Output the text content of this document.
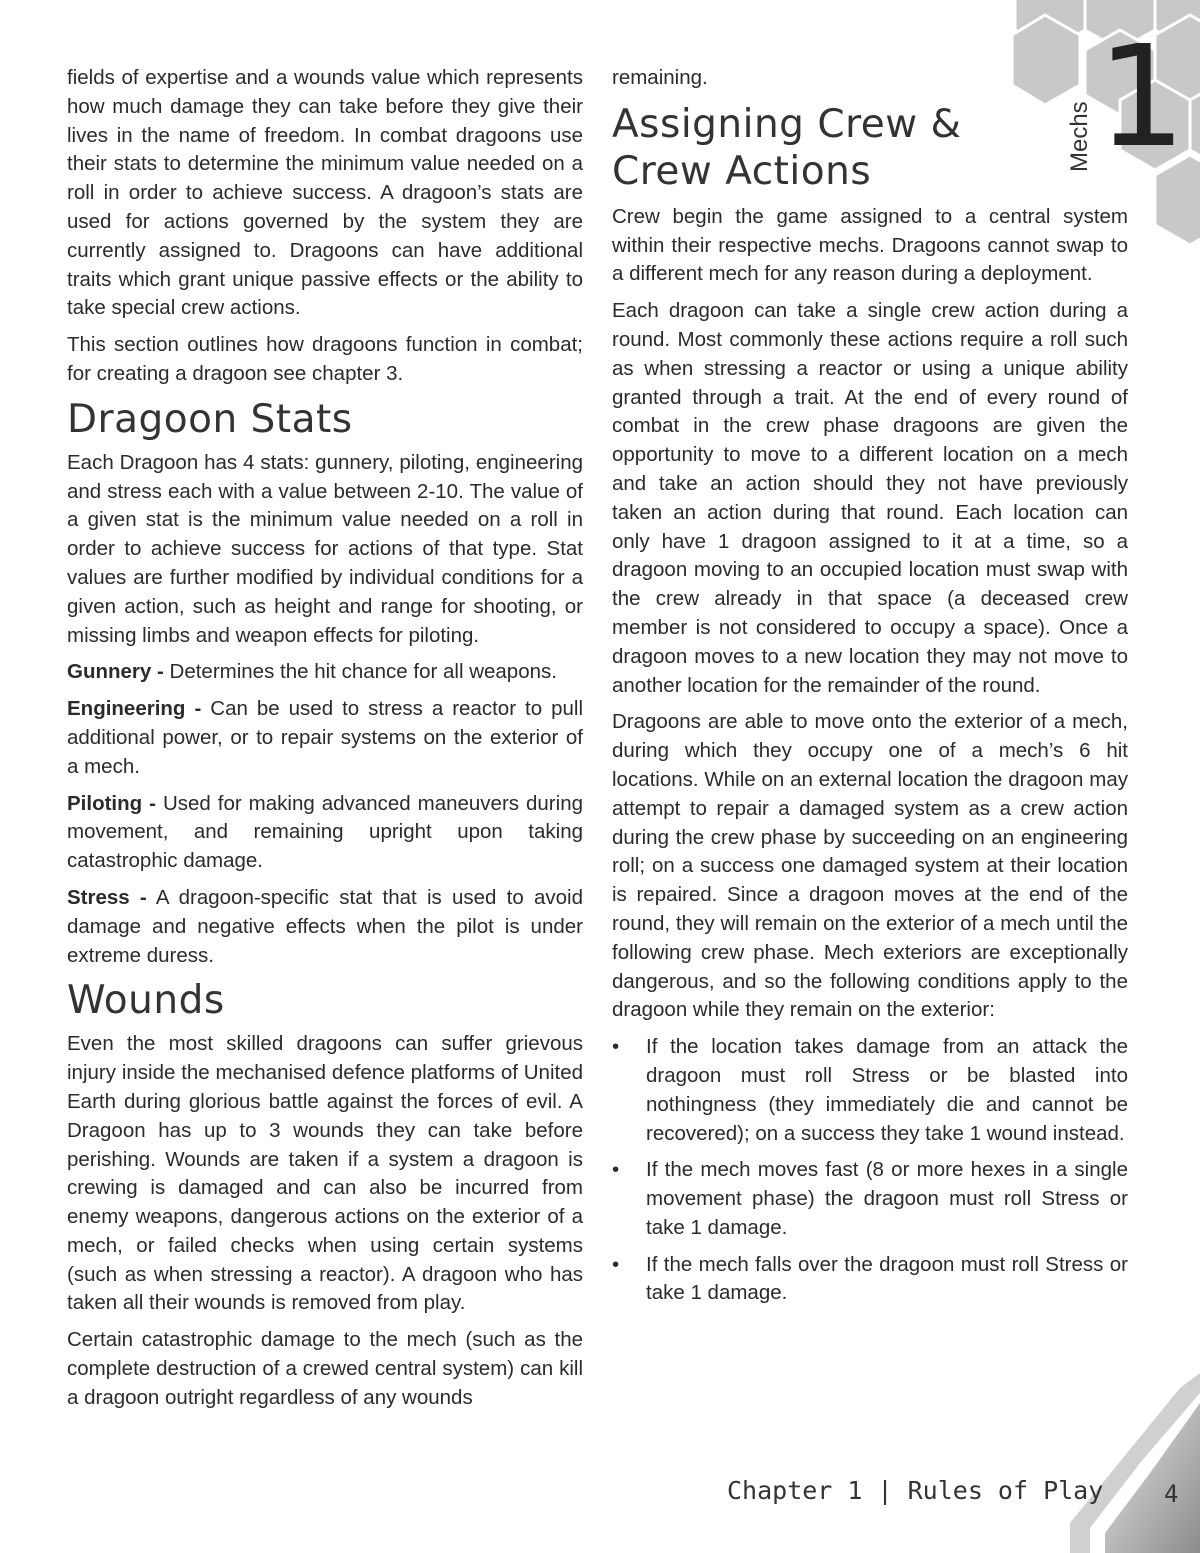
1
Mechs

fields of expertise and a wounds value which represents how much damage they can take before they give their lives in the name of freedom. In combat dragoons use their stats to determine the minimum value needed on a roll in order to achieve success. A dragoon’s stats are used for actions governed by the system they are currently assigned to. Dragoons can have additional traits which grant unique passive effects or the ability to take special crew actions.

This section outlines how dragoons function in combat; for creating a dragoon see chapter 3.

Dragoon Stats

Each Dragoon has 4 stats: gunnery, piloting, engineering and stress each with a value between 2-10. The value of a given stat is the minimum value needed on a roll in order to achieve success for actions of that type. Stat values are further modified by individual conditions for a given action, such as height and range for shooting, or missing limbs and weapon effects for piloting.

Gunnery - Determines the hit chance for all weapons.

Engineering - Can be used to stress a reactor to pull additional power, or to repair systems on the exterior of a mech.

Piloting - Used for making advanced maneuvers during movement, and remaining upright upon taking catastrophic damage.

Stress - A dragoon-specific stat that is used to avoid damage and negative effects when the pilot is under extreme duress.

Wounds

Even the most skilled dragoons can suffer grievous injury inside the mechanised defence platforms of United Earth during glorious battle against the forces of evil. A Dragoon has up to 3 wounds they can take before perishing. Wounds are taken if a system a dragoon is crewing is damaged and can also be incurred from enemy weapons, dangerous actions on the exterior of a mech, or failed checks when using certain systems (such as when stressing a reactor). A dragoon who has taken all their wounds is removed from play.

Certain catastrophic damage to the mech (such as the complete destruction of a crewed central system) can kill a dragoon outright regardless of any wounds

remaining.

Assigning Crew &
Crew Actions

Crew begin the game assigned to a central system within their respective mechs. Dragoons cannot swap to a different mech for any reason during a deployment.

Each dragoon can take a single crew action during a round. Most commonly these actions require a roll such as when stressing a reactor or using a unique ability granted through a trait. At the end of every round of combat in the crew phase dragoons are given the opportunity to move to a different location on a mech and take an action should they not have previously taken an action during that round. Each location can only have 1 dragoon assigned to it at a time, so a dragoon moving to an occupied location must swap with the crew already in that space (a deceased crew member is not considered to occupy a space). Once a dragoon moves to a new location they may not move to another location for the remainder of the round.

Dragoons are able to move onto the exterior of a mech, during which they occupy one of a mech’s 6 hit locations. While on an external location the dragoon may attempt to repair a damaged system as a crew action during the crew phase by succeeding on an engineering roll; on a success one damaged system at their location is repaired. Since a dragoon moves at the end of the round, they will remain on the exterior of a mech until the following crew phase. Mech exteriors are exceptionally dangerous, and so the following conditions apply to the dragoon while they remain on the exterior:

• If the location takes damage from an attack the dragoon must roll Stress or be blasted into nothingness (they immediately die and cannot be recovered); on a success they take 1 wound instead.
• If the mech moves fast (8 or more hexes in a single movement phase) the dragoon must roll Stress or take 1 damage.
• If the mech falls over the dragoon must roll Stress or take 1 damage.
Chapter 1 | Rules of Play	4
